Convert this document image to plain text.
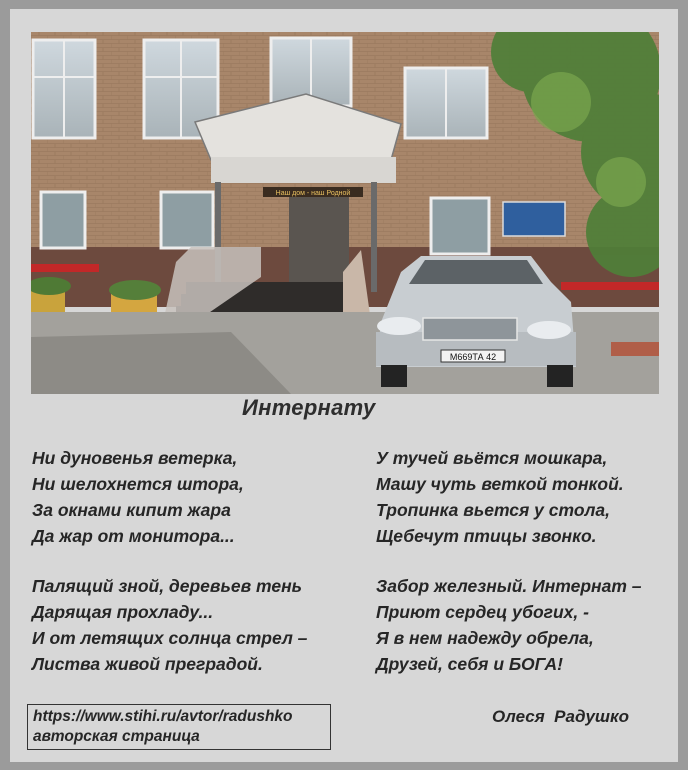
Наш дом - наш Родной
М669ТА 42
Интернату
Ни дуновенья ветерка,
Ни шелохнется штора,
За окнами кипит жара
Да жар от монитора...
Палящий зной, деревьев тень
Дарящая прохладу...
И от летящих солнца стрел –
Листва живой преградой.
У тучей вьётся мошкара,
Машу чуть веткой тонкой.
Тропинка вьется у стола,
Щебечут птицы звонко.
Забор железный. Интернат –
Приют сердец убогих, -
Я в нем надежду обрела,
Друзей, себя и БОГА!
https://www.stihi.ru/avtor/radushko
авторская страница
Олеся  Радушко
